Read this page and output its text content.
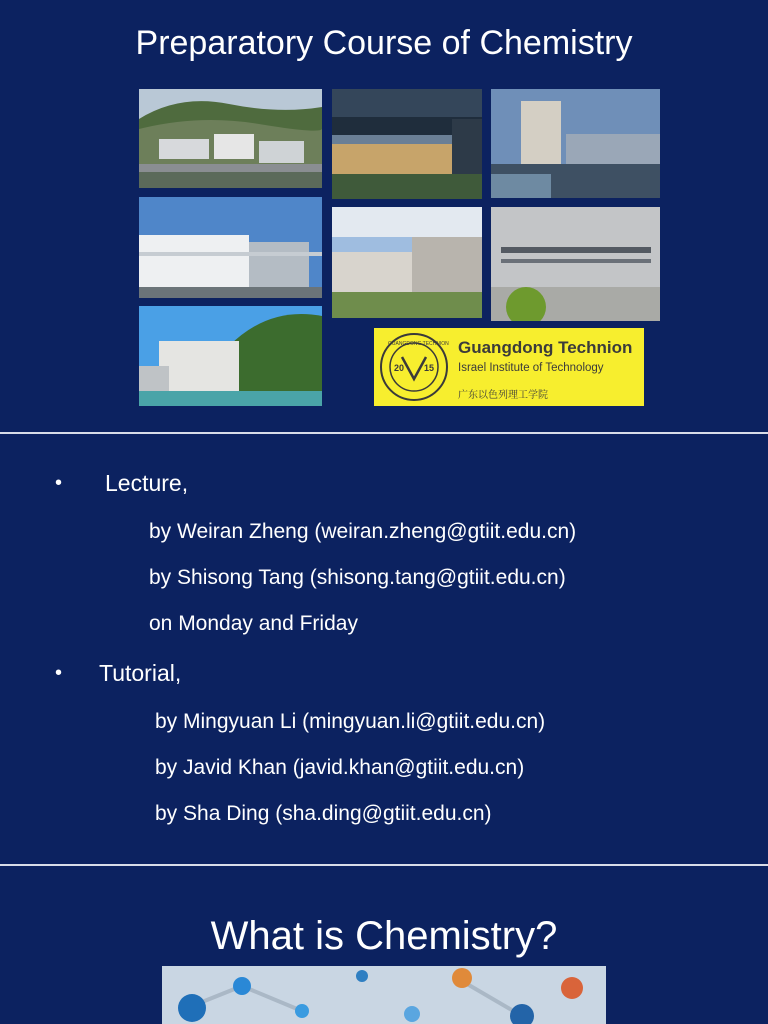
Preparatory Course of Chemistry
20 15
GUANGDONG TECHNION Guangdong Technion
Israel Institute of Technology
广东以色列理工学院
• Lecture,
by Weiran Zheng (weiran.zheng@gtiit.edu.cn)
by Shisong Tang (shisong.tang@gtiit.edu.cn)
on Monday and Friday
• Tutorial,
by Mingyuan Li (mingyuan.li@gtiit.edu.cn)
by Javid Khan (javid.khan@gtiit.edu.cn)
by Sha Ding (sha.ding@gtiit.edu.cn)
What is Chemistry?
